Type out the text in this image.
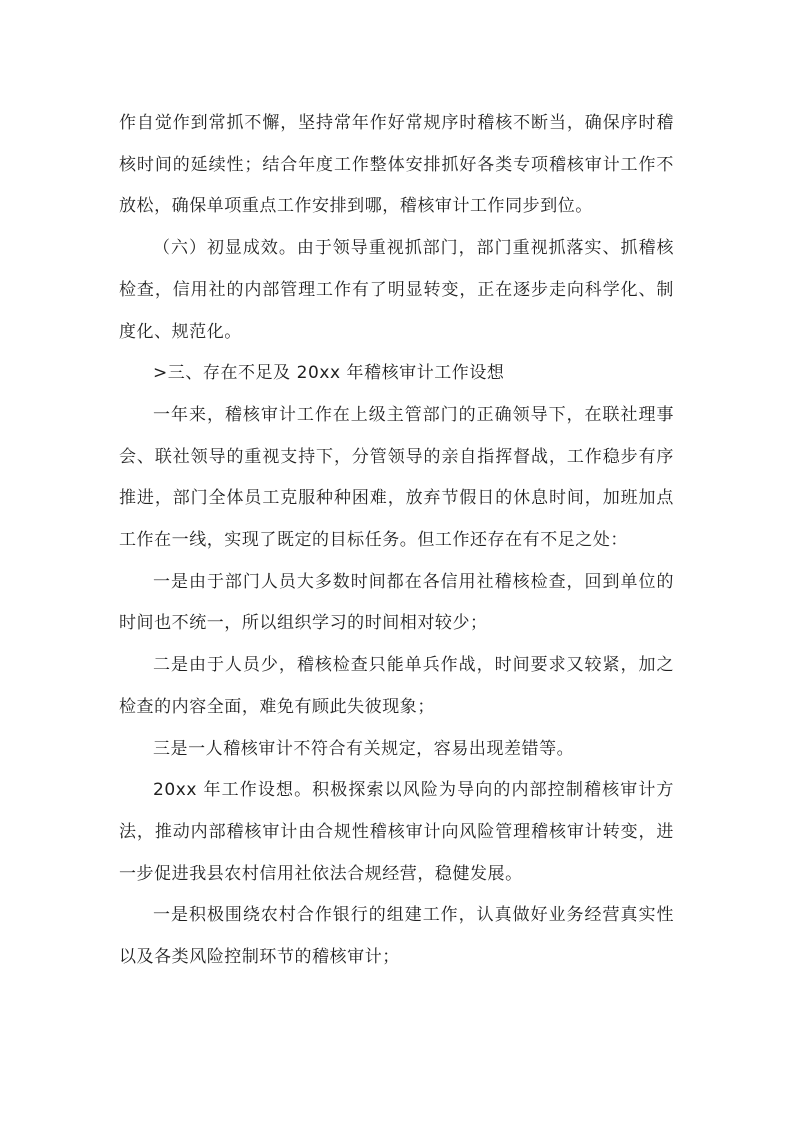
作自觉作到常抓不懈，坚持常年作好常规序时稽核不断当，确保序时稽核时间的延续性；结合年度工作整体安排抓好各类专项稽核审计工作不放松，确保单项重点工作安排到哪，稽核审计工作同步到位。

（六）初显成效。由于领导重视抓部门，部门重视抓落实、抓稽核检查，信用社的内部管理工作有了明显转变，正在逐步走向科学化、制度化、规范化。

>三、存在不足及 20xx 年稽核审计工作设想

一年来，稽核审计工作在上级主管部门的正确领导下，在联社理事会、联社领导的重视支持下，分管领导的亲自指挥督战，工作稳步有序推进，部门全体员工克服种种困难，放弃节假日的休息时间，加班加点工作在一线，实现了既定的目标任务。但工作还存在有不足之处：

一是由于部门人员大多数时间都在各信用社稽核检查，回到单位的时间也不统一，所以组织学习的时间相对较少；

二是由于人员少，稽核检查只能单兵作战，时间要求又较紧，加之检查的内容全面，难免有顾此失彼现象；

三是一人稽核审计不符合有关规定，容易出现差错等。

20xx 年工作设想。积极探索以风险为导向的内部控制稽核审计方法，推动内部稽核审计由合规性稽核审计向风险管理稽核审计转变，进一步促进我县农村信用社依法合规经营，稳健发展。

一是积极围绕农村合作银行的组建工作，认真做好业务经营真实性以及各类风险控制环节的稽核审计；
